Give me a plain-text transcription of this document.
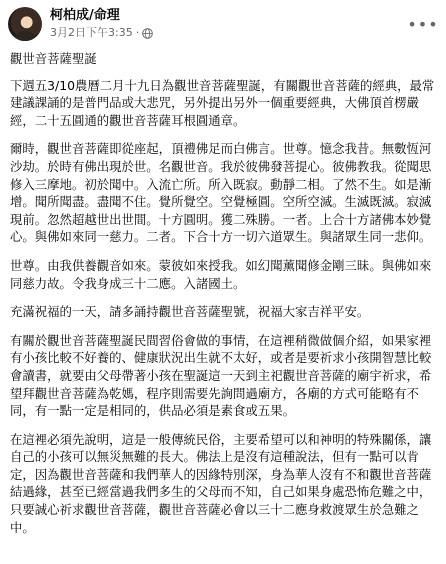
柯柏成/命理
3月2日下午3:35 ·	•••

觀世音菩薩聖誕

下週五3/10農曆二月十九日為觀世音菩薩聖誕，有關觀世音菩薩的經典，最常建議課誦的是普門品或大悲咒，另外提出另外一個重要經典，大佛頂首楞嚴經，二十五圓通的觀世音菩薩耳根圓通章。

爾時，觀世音菩薩即從座起，頂禮佛足而白佛言。世尊。憶念我昔。無數恆河沙劫。於時有佛出現於世。名觀世音。我於彼佛發菩提心。彼佛教我。從聞思修入三摩地。初於聞中。入流亡所。所入既寂。動靜二相。了然不生。如是漸增。聞所聞盡。盡聞不住。覺所覺空。空覺極圓。空所空滅。生滅既滅。寂滅現前。忽然超越世出世間。十方圓明。獲二殊勝。一者。上合十方諸佛本妙覺心。與佛如來同一慈力。二者。下合十方一切六道眾生。與諸眾生同一悲仰。

世尊。由我供養觀音如來。蒙彼如來授我。如幻聞薰聞修金剛三昧。與佛如來同慈力故。令我身成三十二應。入諸國土。

充滿祝福的一天，請多誦持觀世音菩薩聖號，祝福大家吉祥平安。

有關於觀世音菩薩聖誕民間習俗會做的事情，在這裡稍微做個介紹，如果家裡有小孩比較不好養的、健康狀況出生就不太好，或者是要祈求小孩開智慧比較會讀書，就要由父母帶著小孩在聖誕這一天到主祀觀世音菩薩的廟宇祈求，希望拜觀世音菩薩為乾媽，程序則需要先詢問過廟方，各廟的方式可能略有不同，有一點一定是相同的，供品必須是素食或五果。

在這裡必須先說明，這是一般傳統民俗，主要希望可以和神明的特殊關係，讓自己的小孩可以無災無難的長大。佛法上是沒有這種說法，但有一點可以肯定，因為觀世音菩薩和我們華人的因緣特別深，身為華人沒有不和觀世音菩薩結過緣，甚至已經當過我們多生的父母而不知，自己如果身處恐怖危難之中，只要誠心祈求觀世音菩薩，觀世音菩薩必會以三十二應身救渡眾生於急難之中。
